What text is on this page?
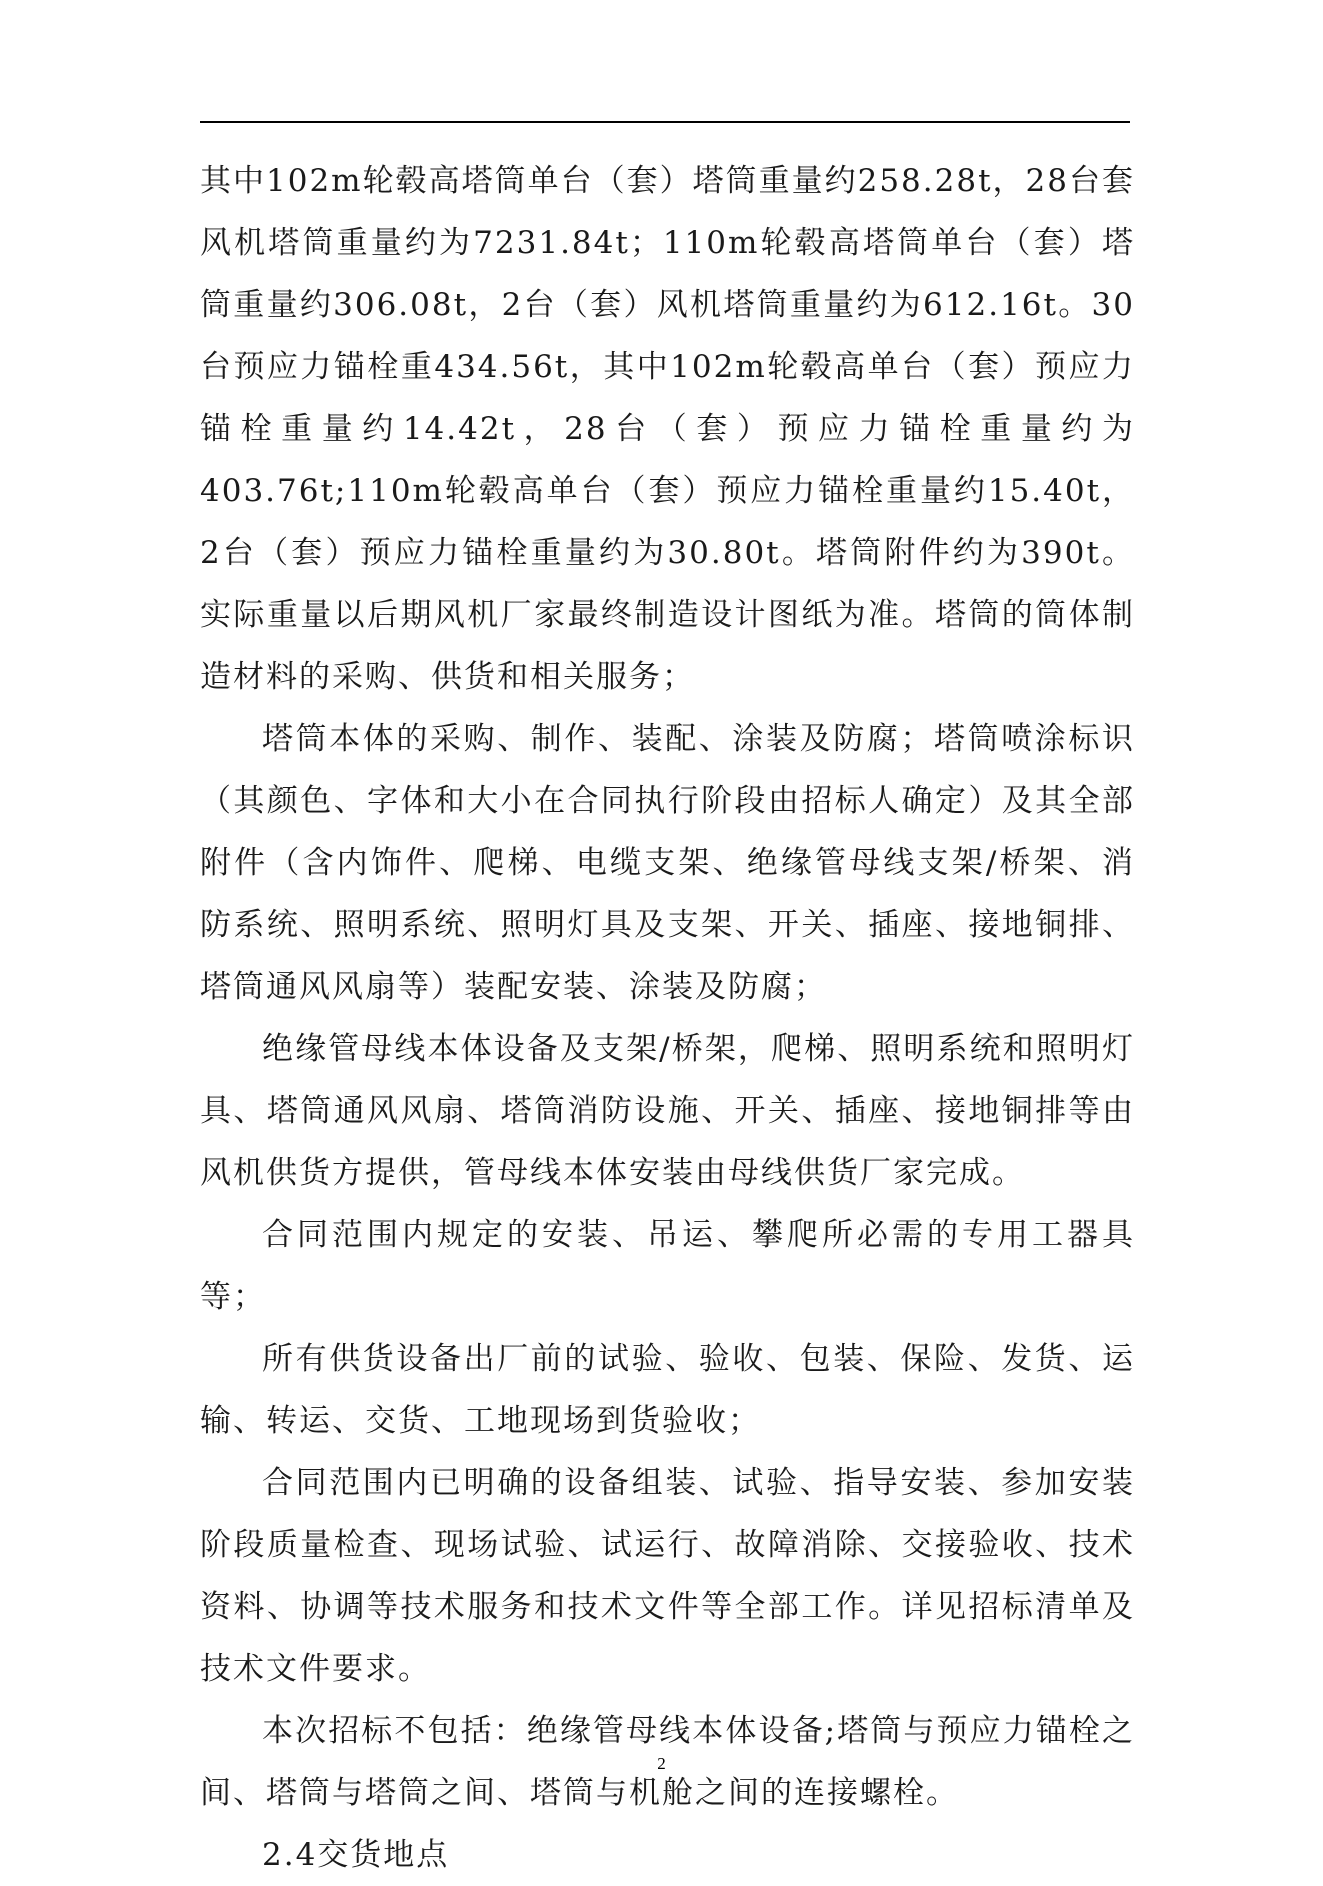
其中102m轮毂高塔筒单台（套）塔筒重量约258.28t，28台套风机塔筒重量约为7231.84t；110m轮毂高塔筒单台（套）塔筒重量约306.08t，2台（套）风机塔筒重量约为612.16t。30台预应力锚栓重434.56t，其中102m轮毂高单台（套）预应力锚栓重量约14.42t，28台（套）预应力锚栓重量约为403.76t;110m轮毂高单台（套）预应力锚栓重量约15.40t，2台（套）预应力锚栓重量约为30.80t。塔筒附件约为390t。实际重量以后期风机厂家最终制造设计图纸为准。塔筒的筒体制造材料的采购、供货和相关服务；

塔筒本体的采购、制作、装配、涂装及防腐；塔筒喷涂标识（其颜色、字体和大小在合同执行阶段由招标人确定）及其全部附件（含内饰件、爬梯、电缆支架、绝缘管母线支架/桥架、消防系统、照明系统、照明灯具及支架、开关、插座、接地铜排、塔筒通风风扇等）装配安装、涂装及防腐；

绝缘管母线本体设备及支架/桥架，爬梯、照明系统和照明灯具、塔筒通风风扇、塔筒消防设施、开关、插座、接地铜排等由风机供货方提供，管母线本体安装由母线供货厂家完成。

合同范围内规定的安装、吊运、攀爬所必需的专用工器具等；

所有供货设备出厂前的试验、验收、包装、保险、发货、运输、转运、交货、工地现场到货验收；

合同范围内已明确的设备组装、试验、指导安装、参加安装阶段质量检查、现场试验、试运行、故障消除、交接验收、技术资料、协调等技术服务和技术文件等全部工作。详见招标清单及技术文件要求。

本次招标不包括：绝缘管母线本体设备;塔筒与预应力锚栓之间、塔筒与塔筒之间、塔筒与机舱之间的连接螺栓。

2.4交货地点

2
